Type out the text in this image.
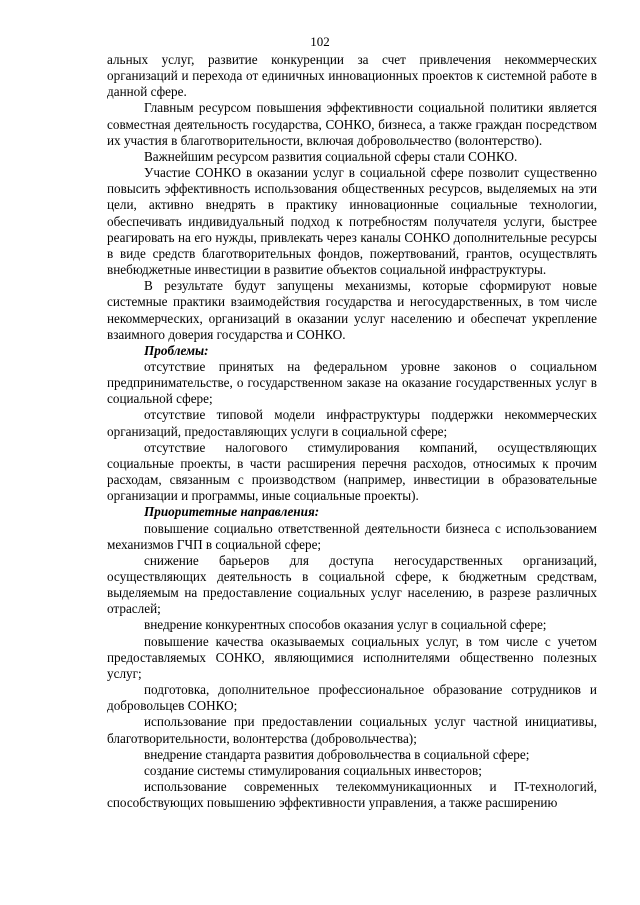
102

альных услуг, развитие конкуренции за счет привлечения некоммерческих организаций и перехода от единичных инновационных проектов к системной работе в данной сфере.

Главным ресурсом повышения эффективности социальной политики является совместная деятельность государства, СОНКО, бизнеса, а также граждан посредством их участия в благотворительности, включая добровольчество (волонтерство).

Важнейшим ресурсом развития социальной сферы стали СОНКО.

Участие СОНКО в оказании услуг в социальной сфере позволит существенно повысить эффективность использования общественных ресурсов, выделяемых на эти цели, активно внедрять в практику инновационные социальные технологии, обеспечивать индивидуальный подход к потребностям получателя услуги, быстрее реагировать на его нужды, привлекать через каналы СОНКО дополнительные ресурсы в виде средств благотворительных фондов, пожертвований, грантов, осуществлять внебюджетные инвестиции в развитие объектов социальной инфраструктуры.

В результате будут запущены механизмы, которые сформируют новые системные практики взаимодействия государства и негосударственных, в том числе некоммерческих, организаций в оказании услуг населению и обеспечат укрепление взаимного доверия государства и СОНКО.

Проблемы:

отсутствие принятых на федеральном уровне законов о социальном предпринимательстве, о государственном заказе на оказание государственных услуг в социальной сфере;

отсутствие типовой модели инфраструктуры поддержки некоммерческих организаций, предоставляющих услуги в социальной сфере;

отсутствие налогового стимулирования компаний, осуществляющих социальные проекты, в части расширения перечня расходов, относимых к прочим расходам, связанным с производством (например, инвестиции в образовательные организации и программы, иные социальные проекты).

Приоритетные направления:

повышение социально ответственной деятельности бизнеса с использованием механизмов ГЧП в социальной сфере;

снижение барьеров для доступа негосударственных организаций, осуществляющих деятельность в социальной сфере, к бюджетным средствам, выделяемым на предоставление социальных услуг населению, в разрезе различных отраслей;

внедрение конкурентных способов оказания услуг в социальной сфере;

повышение качества оказываемых социальных услуг, в том числе с учетом предоставляемых СОНКО, являющимися исполнителями общественно полезных услуг;

подготовка, дополнительное профессиональное образование сотрудников и добровольцев СОНКО;

использование при предоставлении социальных услуг частной инициативы, благотворительности, волонтерства (добровольчества);

внедрение стандарта развития добровольчества в социальной сфере;

создание системы стимулирования социальных инвесторов;

использование современных телекоммуникационных и IT-технологий, способствующих повышению эффективности управления, а также расширению
